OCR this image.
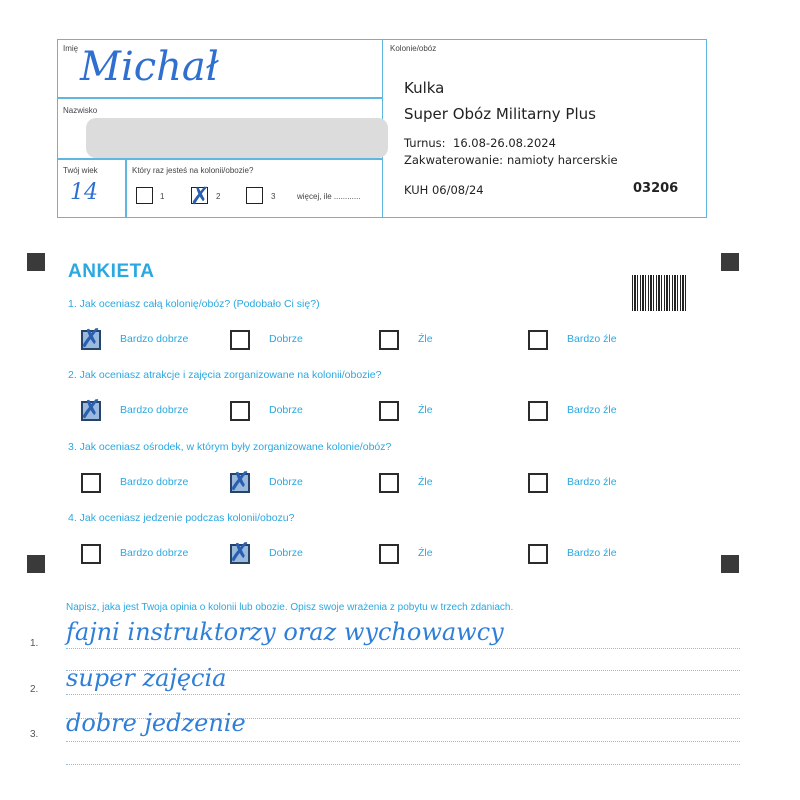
Imię Michał
Nazwisko
Twój wiek
14
Który raz jesteś na kolonii/obozie?
1 ✗ 2	3	więcej, ile ............
Kolonie/obóz
Kulka
Super Obóz Militarny Plus
Turnus: 16.08-26.08.2024
Zakwaterowanie: namioty harcerskie
KUH 06/08/24	03206
ANKIETA
1. Jak oceniasz całą kolonię/obóz? (Podobało Ci się?)
✗ Bardzo dobrze	Dobrze	Źle	Bardzo źle
2. Jak oceniasz atrakcje i zajęcia zorganizowane na kolonii/obozie?
✗ Bardzo dobrze	Dobrze	Źle	Bardzo źle
3. Jak oceniasz ośrodek, w którym były zorganizowane kolonie/obóz?
Bardzo dobrze ✗ Dobrze	Źle	Bardzo źle
4. Jak oceniasz jedzenie podczas kolonii/obozu?
Bardzo dobrze ✗ Dobrze	Źle	Bardzo źle
Napisz, jaka jest Twoja opinia o kolonii lub obozie. Opisz swoje wrażenia z pobytu w trzech zdaniach.
1.
2.
3.
fajni instruktorzy oraz wychowawcy
super zajęcia
dobre jedzenie
